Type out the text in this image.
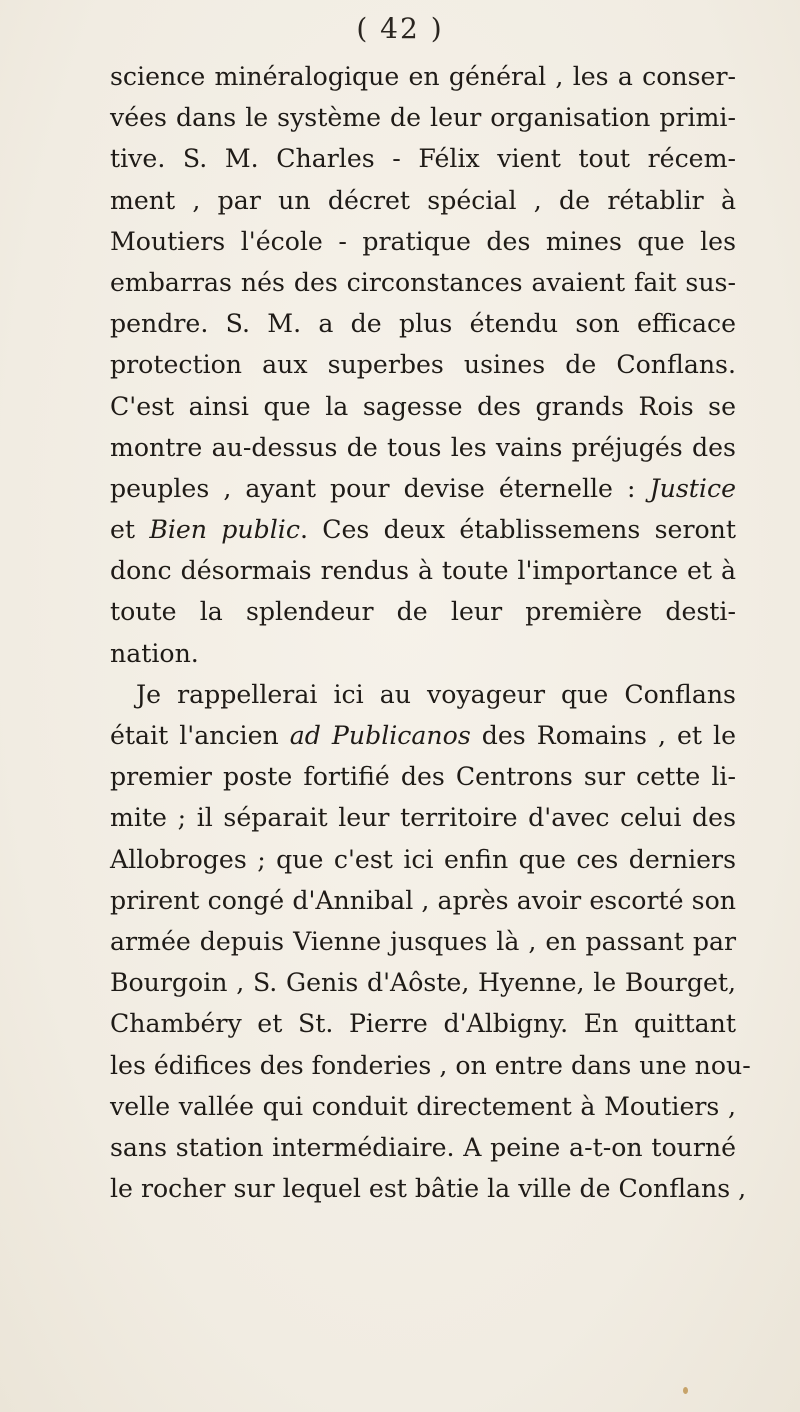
( 42 )
science minéralogique en général , les a conser-
vées dans le système de leur organisation primi-
tive. S. M. Charles - Félix vient tout récem-
ment , par un décret spécial , de rétablir à
Moutiers l'école - pratique des mines que les
embarras nés des circonstances avaient fait sus-
pendre. S. M. a de plus étendu son efficace
protection aux superbes usines de Conflans.
C'est ainsi que la sagesse des grands Rois se
montre au-dessus de tous les vains préjugés des
peuples , ayant pour devise éternelle : Justice
et Bien public. Ces deux établissemens seront
donc désormais rendus à toute l'importance et à
toute la splendeur de leur première desti-
nation.
Je rappellerai ici au voyageur que Conflans
était l'ancien ad Publicanos des Romains , et le
premier poste fortifié des Centrons sur cette li-
mite ; il séparait leur territoire d'avec celui des
Allobroges ; que c'est ici enfin que ces derniers
prirent congé d'Annibal , après avoir escorté son
armée depuis Vienne jusques là , en passant par
Bourgoin , S. Genis d'Aôste, Hyenne, le Bourget,
Chambéry et St. Pierre d'Albigny. En quittant
les édifices des fonderies , on entre dans une nou-
velle vallée qui conduit directement à Moutiers ,
sans station intermédiaire. A peine a-t-on tourné
le rocher sur lequel est bâtie la ville de Conflans ,
